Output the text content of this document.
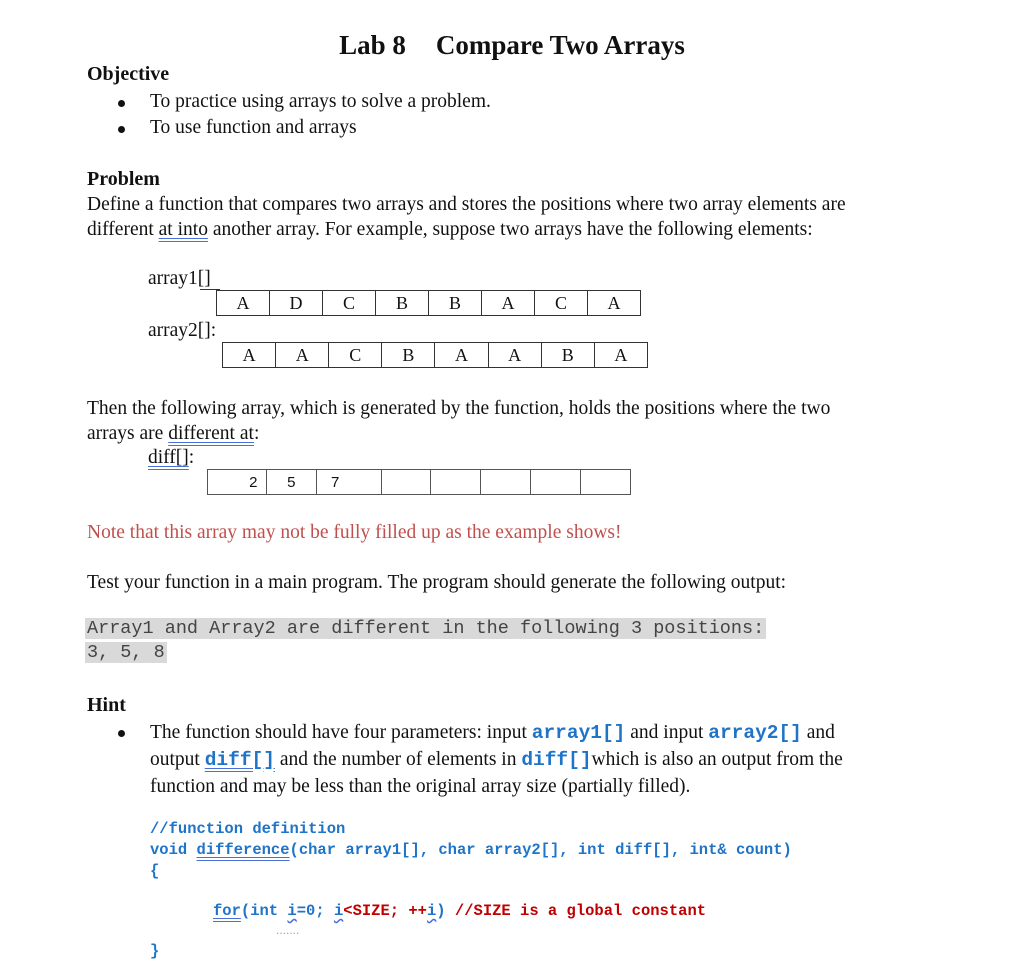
Lab 8 Compare Two Arrays
Objective
To practice using arrays to solve a problem.
To use function and arrays
Problem
Define a function that compares two arrays and stores the positions where two array elements are
different at into another array. For example, suppose two arrays have the following elements:
array1[]
A	D	C	B	B	A	C	A
array2[]:
A	A	C	B	A	A	B	A
Then the following array, which is generated by the function, holds the positions where the two
arrays are different at:
diff[]:
2	5	7					
Note that this array may not be fully filled up as the example shows!
Test your function in a main program. The program should generate the following output:
Array1 and Array2 are different in the following 3 positions:
3, 5, 8
Hint
The function should have four parameters: input array1[] and input array2[] and
output diff[] and the number of elements in diff[]which is also an output from the
function and may be less than the original array size (partially filled).
//function definition
void difference(char array1[], char array2[], int diff[], int& count)
{
for(int i=0; i<SIZE; ++i) //SIZE is a global constant
.......
}
